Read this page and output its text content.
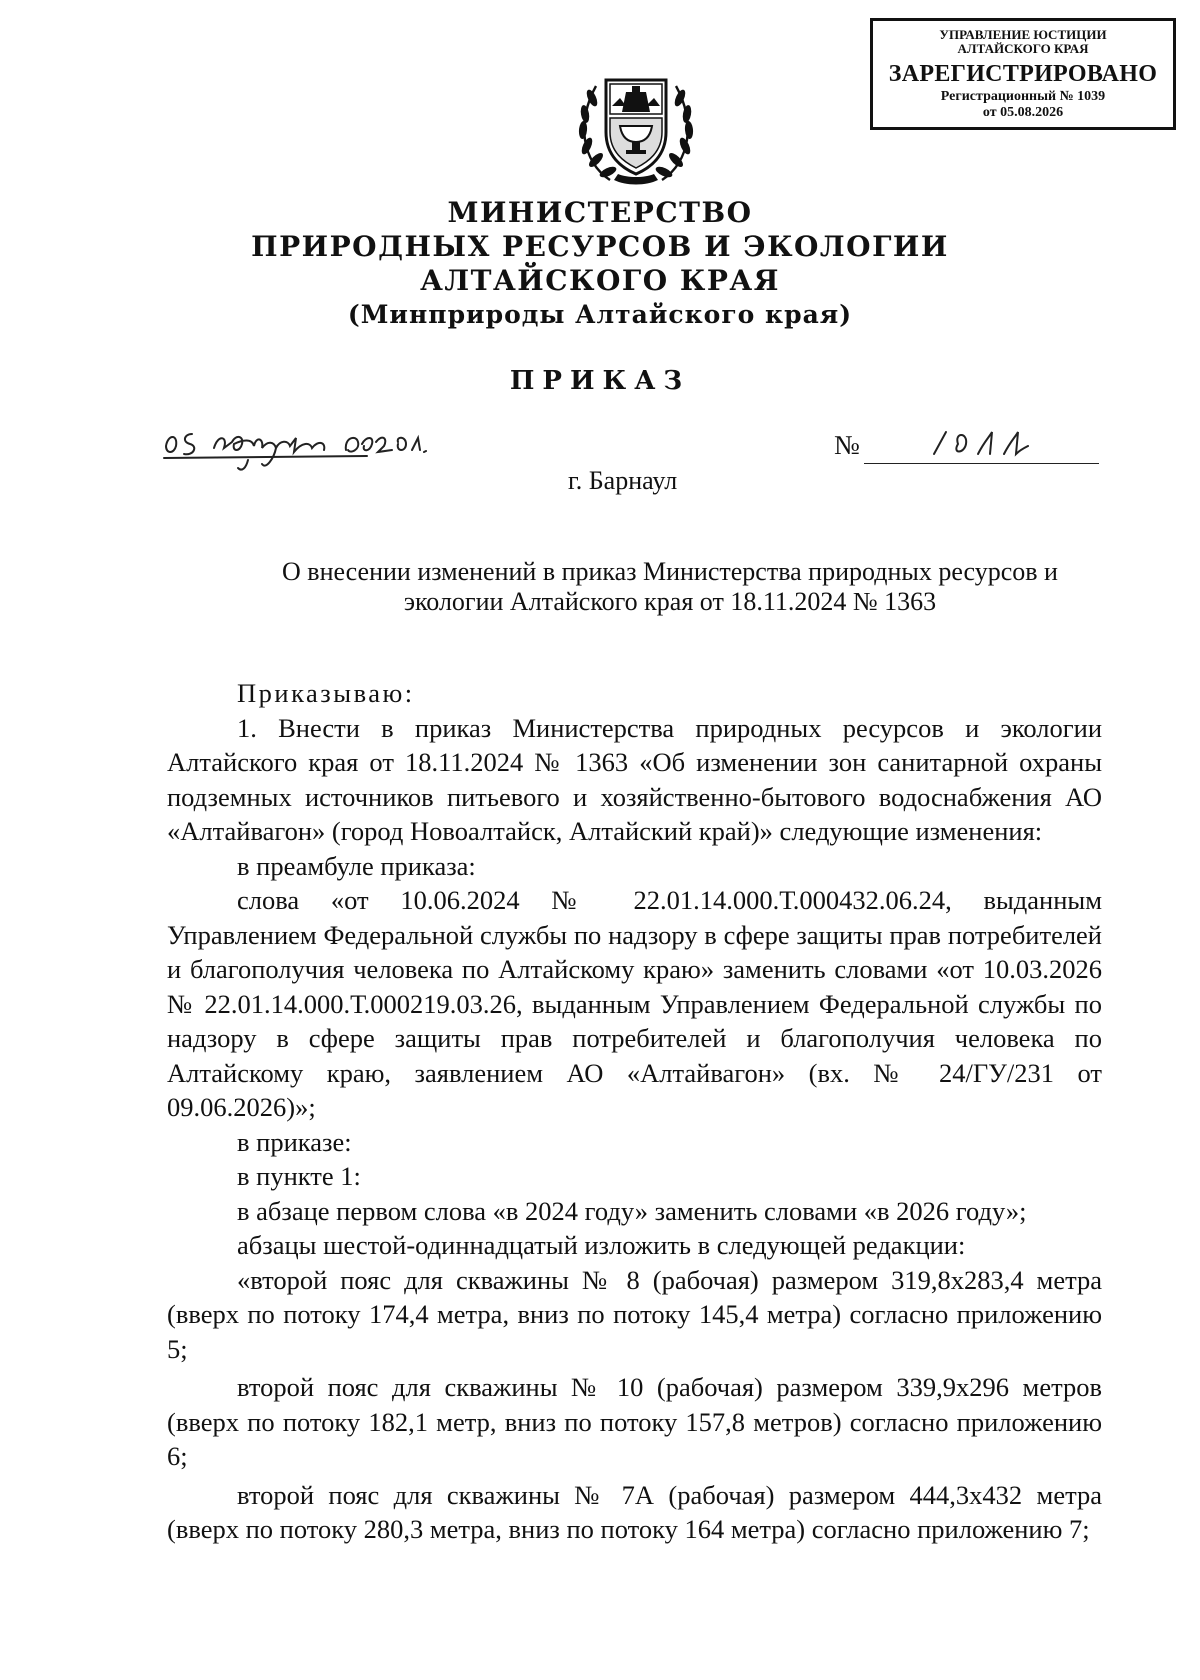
УПРАВЛЕНИЕ ЮСТИЦИИ
АЛТАЙСКОГО КРАЯ
ЗАРЕГИСТРИРОВАНО
Регистрационный № 1039
от 05.08.2026
МИНИСТЕРСТВО
ПРИРОДНЫХ РЕСУРСОВ И ЭКОЛОГИИ
АЛТАЙСКОГО КРАЯ
(Минприроды Алтайского края)
ПРИКАЗ
№
г. Барнаул
О внесении изменений в приказ Министерства природных ресурсов и экологии Алтайского края от 18.11.2024 № 1363

Приказываю:

1. Внести в приказ Министерства природных ресурсов и экологии Алтайского края от 18.11.2024 № 1363 «Об изменении зон санитарной охраны подземных источников питьевого и хозяйственно-бытового водоснабжения АО «Алтайвагон» (город Новоалтайск, Алтайский край)» следующие изменения:

в преамбуле приказа:

слова «от 10.06.2024 № 22.01.14.000.Т.000432.06.24, выданным Управлением Федеральной службы по надзору в сфере защиты прав потребителей и благополучия человека по Алтайскому краю» заменить словами «от 10.03.2026 № 22.01.14.000.Т.000219.03.26, выданным Управлением Федеральной службы по надзору в сфере защиты прав потребителей и благополучия человека по Алтайскому краю, заявлением АО «Алтайвагон» (вх. № 24/ГУ/231 от 09.06.2026)»;

в приказе:

в пункте 1:

в абзаце первом слова «в 2024 году» заменить словами «в 2026 году»;

абзацы шестой-одиннадцатый изложить в следующей редакции:

«второй пояс для скважины № 8 (рабочая) размером 319,8x283,4 метра (вверх по потоку 174,4 метра, вниз по потоку 145,4 метра) согласно приложению 5;

второй пояс для скважины № 10 (рабочая) размером 339,9x296 метров (вверх по потоку 182,1 метр, вниз по потоку 157,8 метров) согласно приложению 6;

второй пояс для скважины № 7А (рабочая) размером 444,3x432 метра (вверх по потоку 280,3 метра, вниз по потоку 164 метра) согласно приложению 7;
